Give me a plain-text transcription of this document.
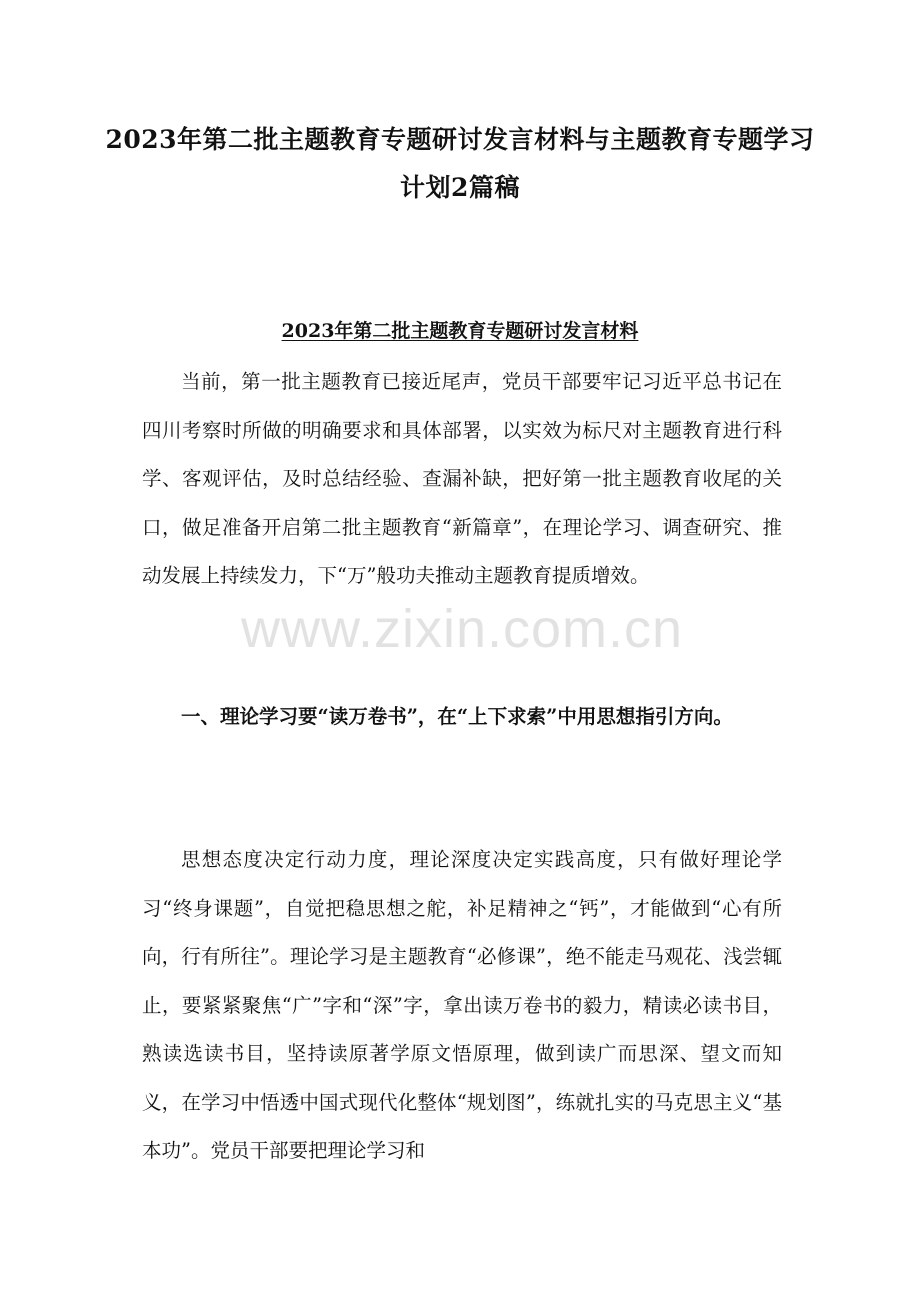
2023年第二批主题教育专题研讨发言材料与主题教育专题学习计划2篇稿
2023年第二批主题教育专题研讨发言材料

当前，第一批主题教育已接近尾声，党员干部要牢记习近平总书记在四川考察时所做的明确要求和具体部署，以实效为标尺对主题教育进行科学、客观评估，及时总结经验、查漏补缺，把好第一批主题教育收尾的关口，做足准备开启第二批主题教育“新篇章”，在理论学习、调查研究、推动发展上持续发力，下“万”般功夫推动主题教育提质增效。

一、理论学习要“读万卷书”，在“上下求索”中用思想指引方向。

思想态度决定行动力度，理论深度决定实践高度，只有做好理论学习“终身课题”，自觉把稳思想之舵，补足精神之“钙”，才能做到“心有所向，行有所往”。理论学习是主题教育“必修课”，绝不能走马观花、浅尝辄止，要紧紧聚焦“广”字和“深”字，拿出读万卷书的毅力，精读必读书目，熟读选读书目，坚持读原著学原文悟原理，做到读广而思深、望文而知义，在学习中悟透中国式现代化整体“规划图”，练就扎实的马克思主义“基本功”。党员干部要把理论学习和

www.zixin.com.cn
